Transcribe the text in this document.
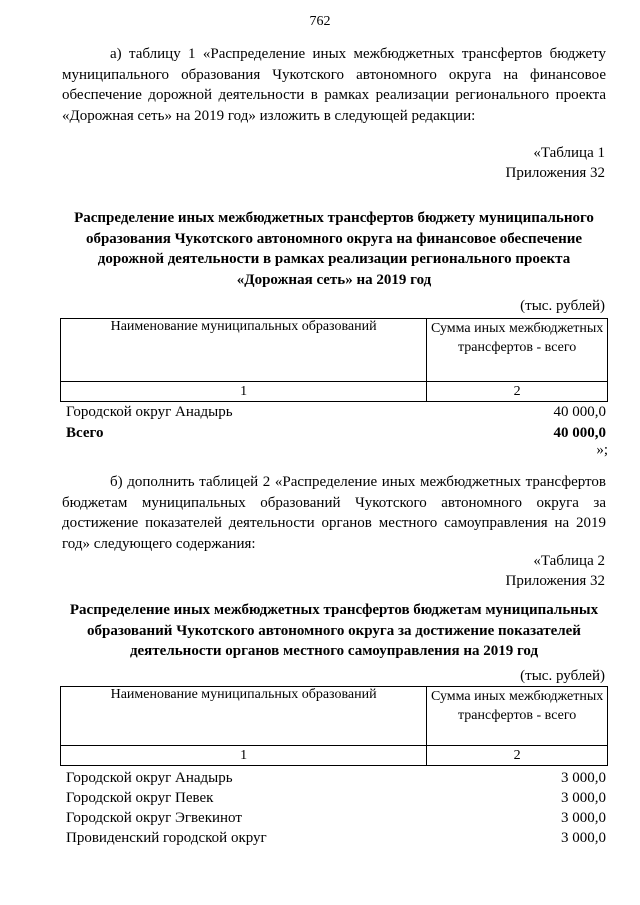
762

а) таблицу 1 «Распределение иных межбюджетных трансфертов бюджету муниципального образования Чукотского автономного округа на финансовое обеспечение дорожной деятельности в рамках реализации регионального проекта «Дорожная сеть» на 2019 год» изложить в следующей редакции:

«Таблица 1
Приложения 32

Распределение иных межбюджетных трансфертов бюджету муниципального образования Чукотского автономного округа на финансовое обеспечение дорожной деятельности в рамках реализации регионального проекта «Дорожная сеть» на 2019 год

(тыс. рублей)
Наименование муниципальных образований	Сумма иных межбюджетных трансфертов - всего
1	2
Городской округ Анадырь	40 000,0
Всего	40 000,0
»;

б) дополнить таблицей 2 «Распределение иных межбюджетных трансфертов бюджетам муниципальных образований Чукотского автономного округа за достижение показателей деятельности органов местного самоуправления на 2019 год» следующего содержания:

«Таблица 2
Приложения 32

Распределение иных межбюджетных трансфертов бюджетам муниципальных образований Чукотского автономного округа за достижение показателей деятельности органов местного самоуправления на 2019 год

(тыс. рублей)
Наименование муниципальных образований	Сумма иных межбюджетных трансфертов - всего
1	2
Городской округ Анадырь	3 000,0
Городской округ Певек	3 000,0
Городской округ Эгвекинот	3 000,0
Провиденский городской округ	3 000,0
